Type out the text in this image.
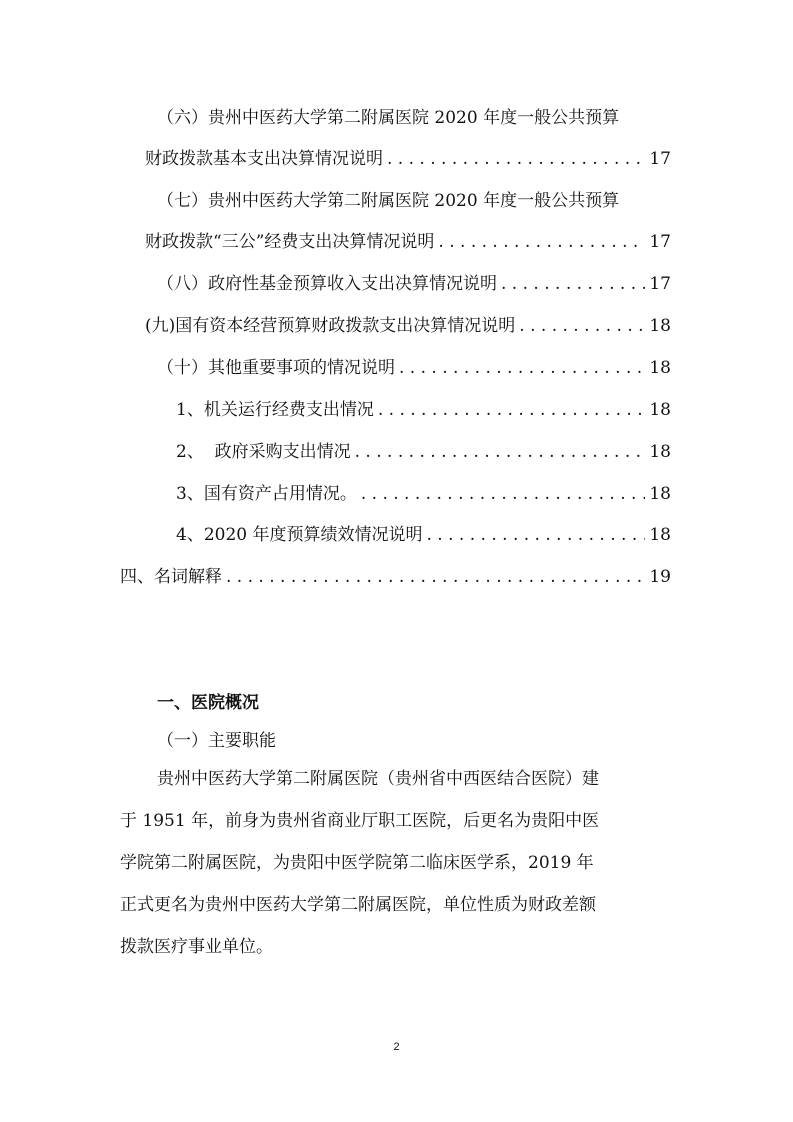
（六）贵州中医药大学第二附属医院 2020 年度一般公共预算
财政拨款基本支出决算情况说明 . . .	17
（七）贵州中医药大学第二附属医院 2020 年度一般公共预算
财政拨款“三公”经费支出决算情况说明 . . .	17
（八）政府性基金预算收入支出决算情况说明 . . .	17
(九)国有资本经营预算财政拨款支出决算情况说明 . . .	18
（十）其他重要事项的情况说明 . . .	18
1、机关运行经费支出情况 . . .	18
2、  政府采购支出情况 . . .	18
3、国有资产占用情况。 . . .	18
4、2020 年度预算绩效情况说明 . . .	18
四、名词解释 . . .	19
一、医院概况
（一）主要职能
贵州中医药大学第二附属医院（贵州省中西医结合医院）建
于 1951 年，前身为贵州省商业厅职工医院，后更名为贵阳中医
学院第二附属医院，为贵阳中医学院第二临床医学系，2019 年
正式更名为贵州中医药大学第二附属医院，单位性质为财政差额
拨款医疗事业单位。
2
